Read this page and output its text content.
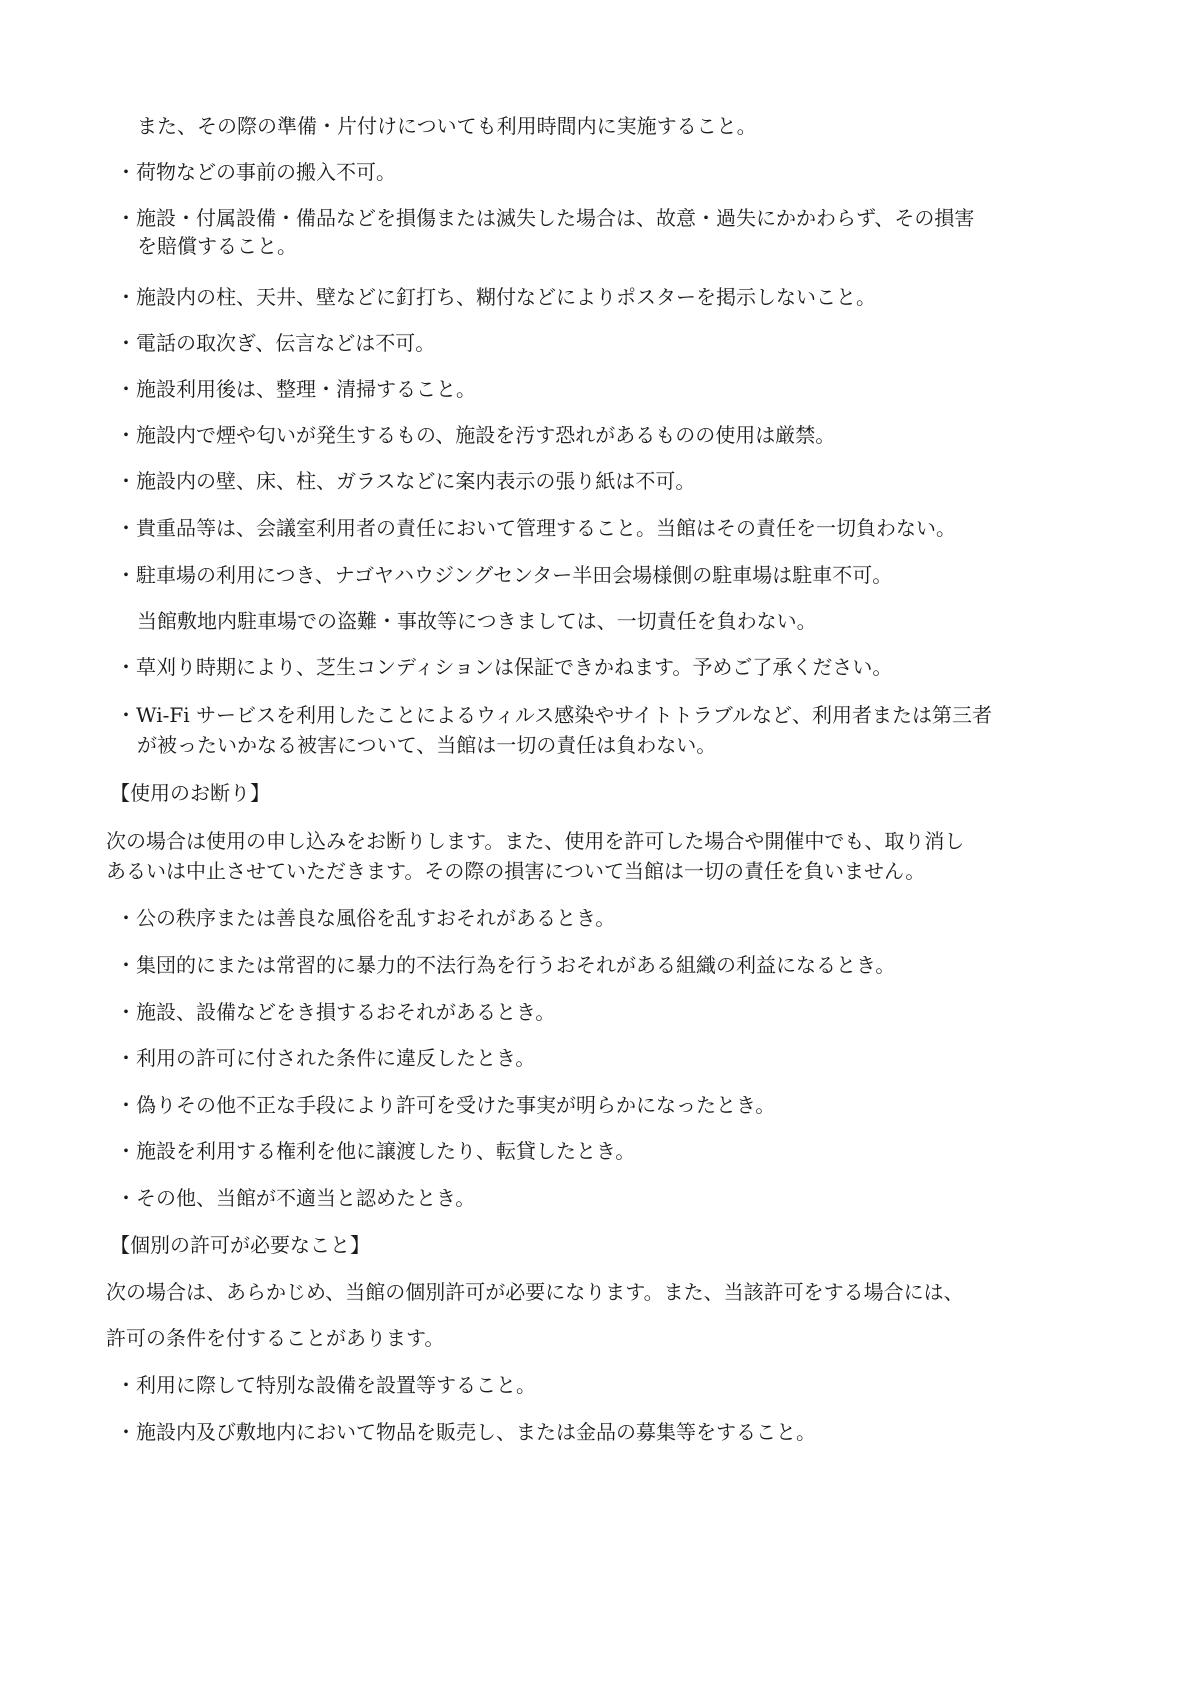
また、その際の準備・片付けについても利用時間内に実施すること。

・荷物などの事前の搬入不可。

・施設・付属設備・備品などを損傷または滅失した場合は、故意・過失にかかわらず、その損害

を賠償すること。

・施設内の柱、天井、壁などに釘打ち、糊付などによりポスターを掲示しないこと。

・電話の取次ぎ、伝言などは不可。

・施設利用後は、整理・清掃すること。

・施設内で煙や匂いが発生するもの、施設を汚す恐れがあるものの使用は厳禁。

・施設内の壁、床、柱、ガラスなどに案内表示の張り紙は不可。

・貴重品等は、会議室利用者の責任において管理すること。当館はその責任を一切負わない。

・駐車場の利用につき、ナゴヤハウジングセンター半田会場様側の駐車場は駐車不可。

当館敷地内駐車場での盗難・事故等につきましては、一切責任を負わない。

・草刈り時期により、芝生コンディションは保証できかねます。予めご了承ください。

・Wi-Fi サービスを利用したことによるウィルス感染やサイトトラブルなど、利用者または第三者

が被ったいかなる被害について、当館は一切の責任は負わない。

【使用のお断り】

次の場合は使用の申し込みをお断りします。また、使用を許可した場合や開催中でも、取り消し

あるいは中止させていただきます。その際の損害について当館は一切の責任を負いません。

・公の秩序または善良な風俗を乱すおそれがあるとき。

・集団的にまたは常習的に暴力的不法行為を行うおそれがある組織の利益になるとき。

・施設、設備などをき損するおそれがあるとき。

・利用の許可に付された条件に違反したとき。

・偽りその他不正な手段により許可を受けた事実が明らかになったとき。

・施設を利用する権利を他に譲渡したり、転貸したとき。

・その他、当館が不適当と認めたとき。

【個別の許可が必要なこと】

次の場合は、あらかじめ、当館の個別許可が必要になります。また、当該許可をする場合には、

許可の条件を付することがあります。

・利用に際して特別な設備を設置等すること。

・施設内及び敷地内において物品を販売し、または金品の募集等をすること。
